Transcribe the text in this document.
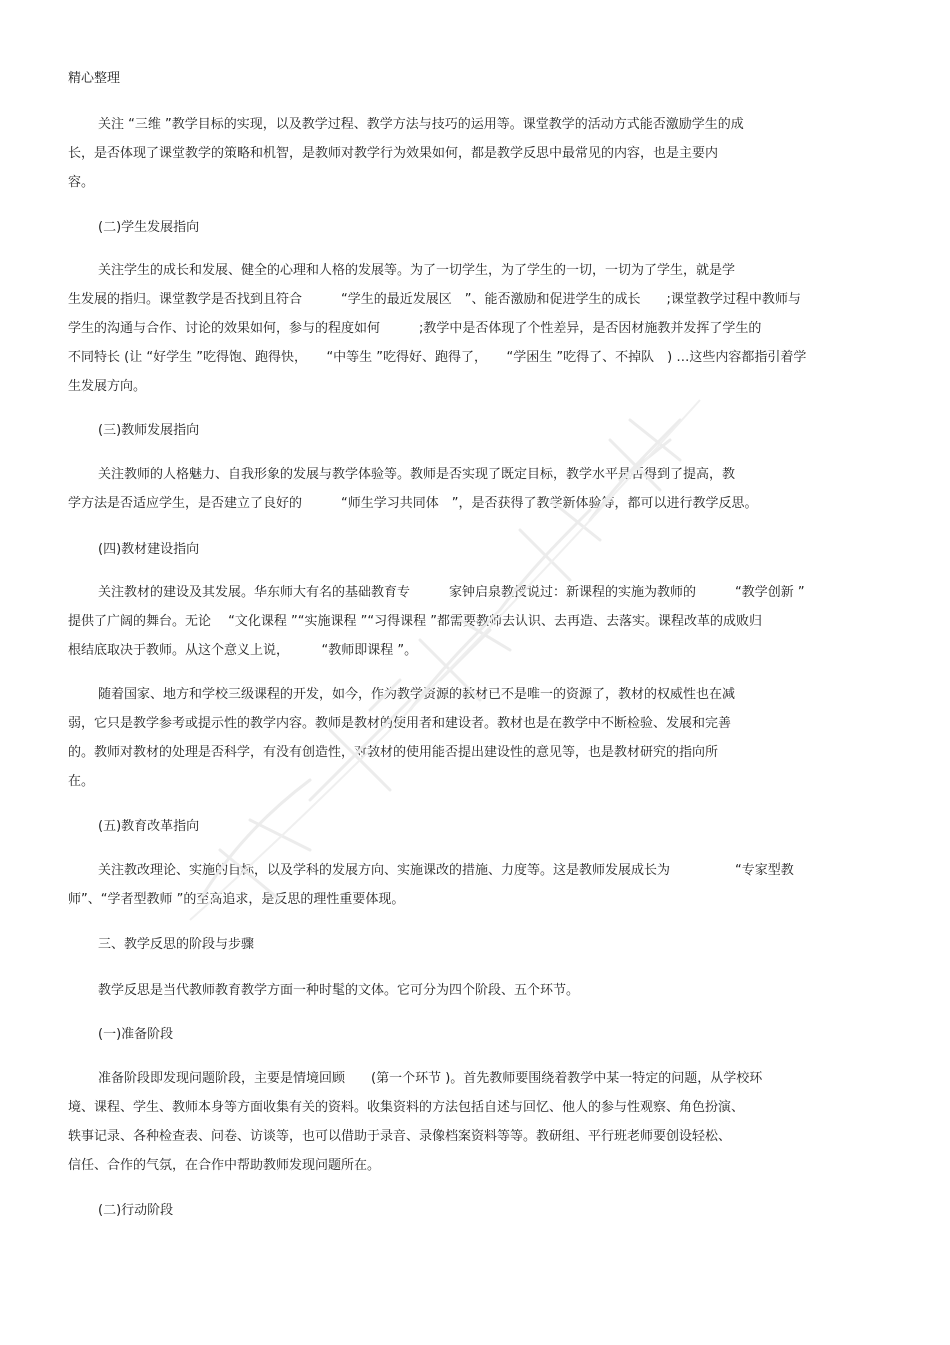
精心整理
关注 “三维 ”教学目标的实现，以及教学过程、教学方法与技巧的运用等。课堂教学的活动方式能否激励学生的成
长，是否体现了课堂教学的策略和机智，是教师对教学行为效果如何，都是教学反思中最常见的内容，也是主要内
容。
(二)学生发展指向
关注学生的成长和发展、健全的心理和人格的发展等。为了一切学生，为了学生的一切，一切为了学生，就是学
生发展的指归。课堂教学是否找到且符合　　　“学生的最近发展区　”、能否激励和促进学生的成长　　;课堂教学过程中教师与
学生的沟通与合作、讨论的效果如何，参与的程度如何　　　;教学中是否体现了个性差异，是否因材施教并发挥了学生的
不同特长 (让 “好学生 ”吃得饱、跑得快，　　“中等生 ”吃得好、跑得了，　　“学困生 ”吃得了、不掉队　) …这些内容都指引着学
生发展方向。
(三)教师发展指向
关注教师的人格魅力、自我形象的发展与教学体验等。教师是否实现了既定目标，教学水平是否得到了提高，教
学方法是否适应学生，是否建立了良好的　　　“师生学习共同体　”，是否获得了教学新体验等，都可以进行教学反思。
(四)教材建设指向
关注教材的建设及其发展。华东师大有名的基础教育专　　　家钟启泉教授说过：新课程的实施为教师的　　　“教学创新 ”
提供了广阔的舞台。无论　 “文化课程 ”“实施课程 ”“习得课程 ”都需要教师去认识、去再造、去落实。课程改革的成败归
根结底取决于教师。从这个意义上说，　　　“教师即课程 ”。
随着国家、地方和学校三级课程的开发，如今，作为教学资源的教材已不是唯一的资源了，教材的权威性也在减
弱，它只是教学参考或提示性的教学内容。教师是教材的使用者和建设者。教材也是在教学中不断检验、发展和完善
的。教师对教材的处理是否科学，有没有创造性，对教材的使用能否提出建设性的意见等，也是教材研究的指向所
在。
(五)教育改革指向
关注教改理论、实施的目标，以及学科的发展方向、实施课改的措施、力度等。这是教师发展成长为　　　　　“专家型教
师”、“学者型教师 ”的至高追求，是反思的理性重要体现。
三、教学反思的阶段与步骤
教学反思是当代教师教育教学方面一种时髦的文体。它可分为四个阶段、五个环节。
(一)准备阶段
准备阶段即发现问题阶段，主要是情境回顾　　(第一个环节 )。首先教师要围绕着教学中某一特定的问题，从学校环
境、课程、学生、教师本身等方面收集有关的资料。收集资料的方法包括自述与回忆、他人的参与性观察、角色扮演、
轶事记录、各种检查表、问卷、访谈等，也可以借助于录音、录像档案资料等等。教研组、平行班老师要创设轻松、
信任、合作的气氛，在合作中帮助教师发现问题所在。
(二)行动阶段
